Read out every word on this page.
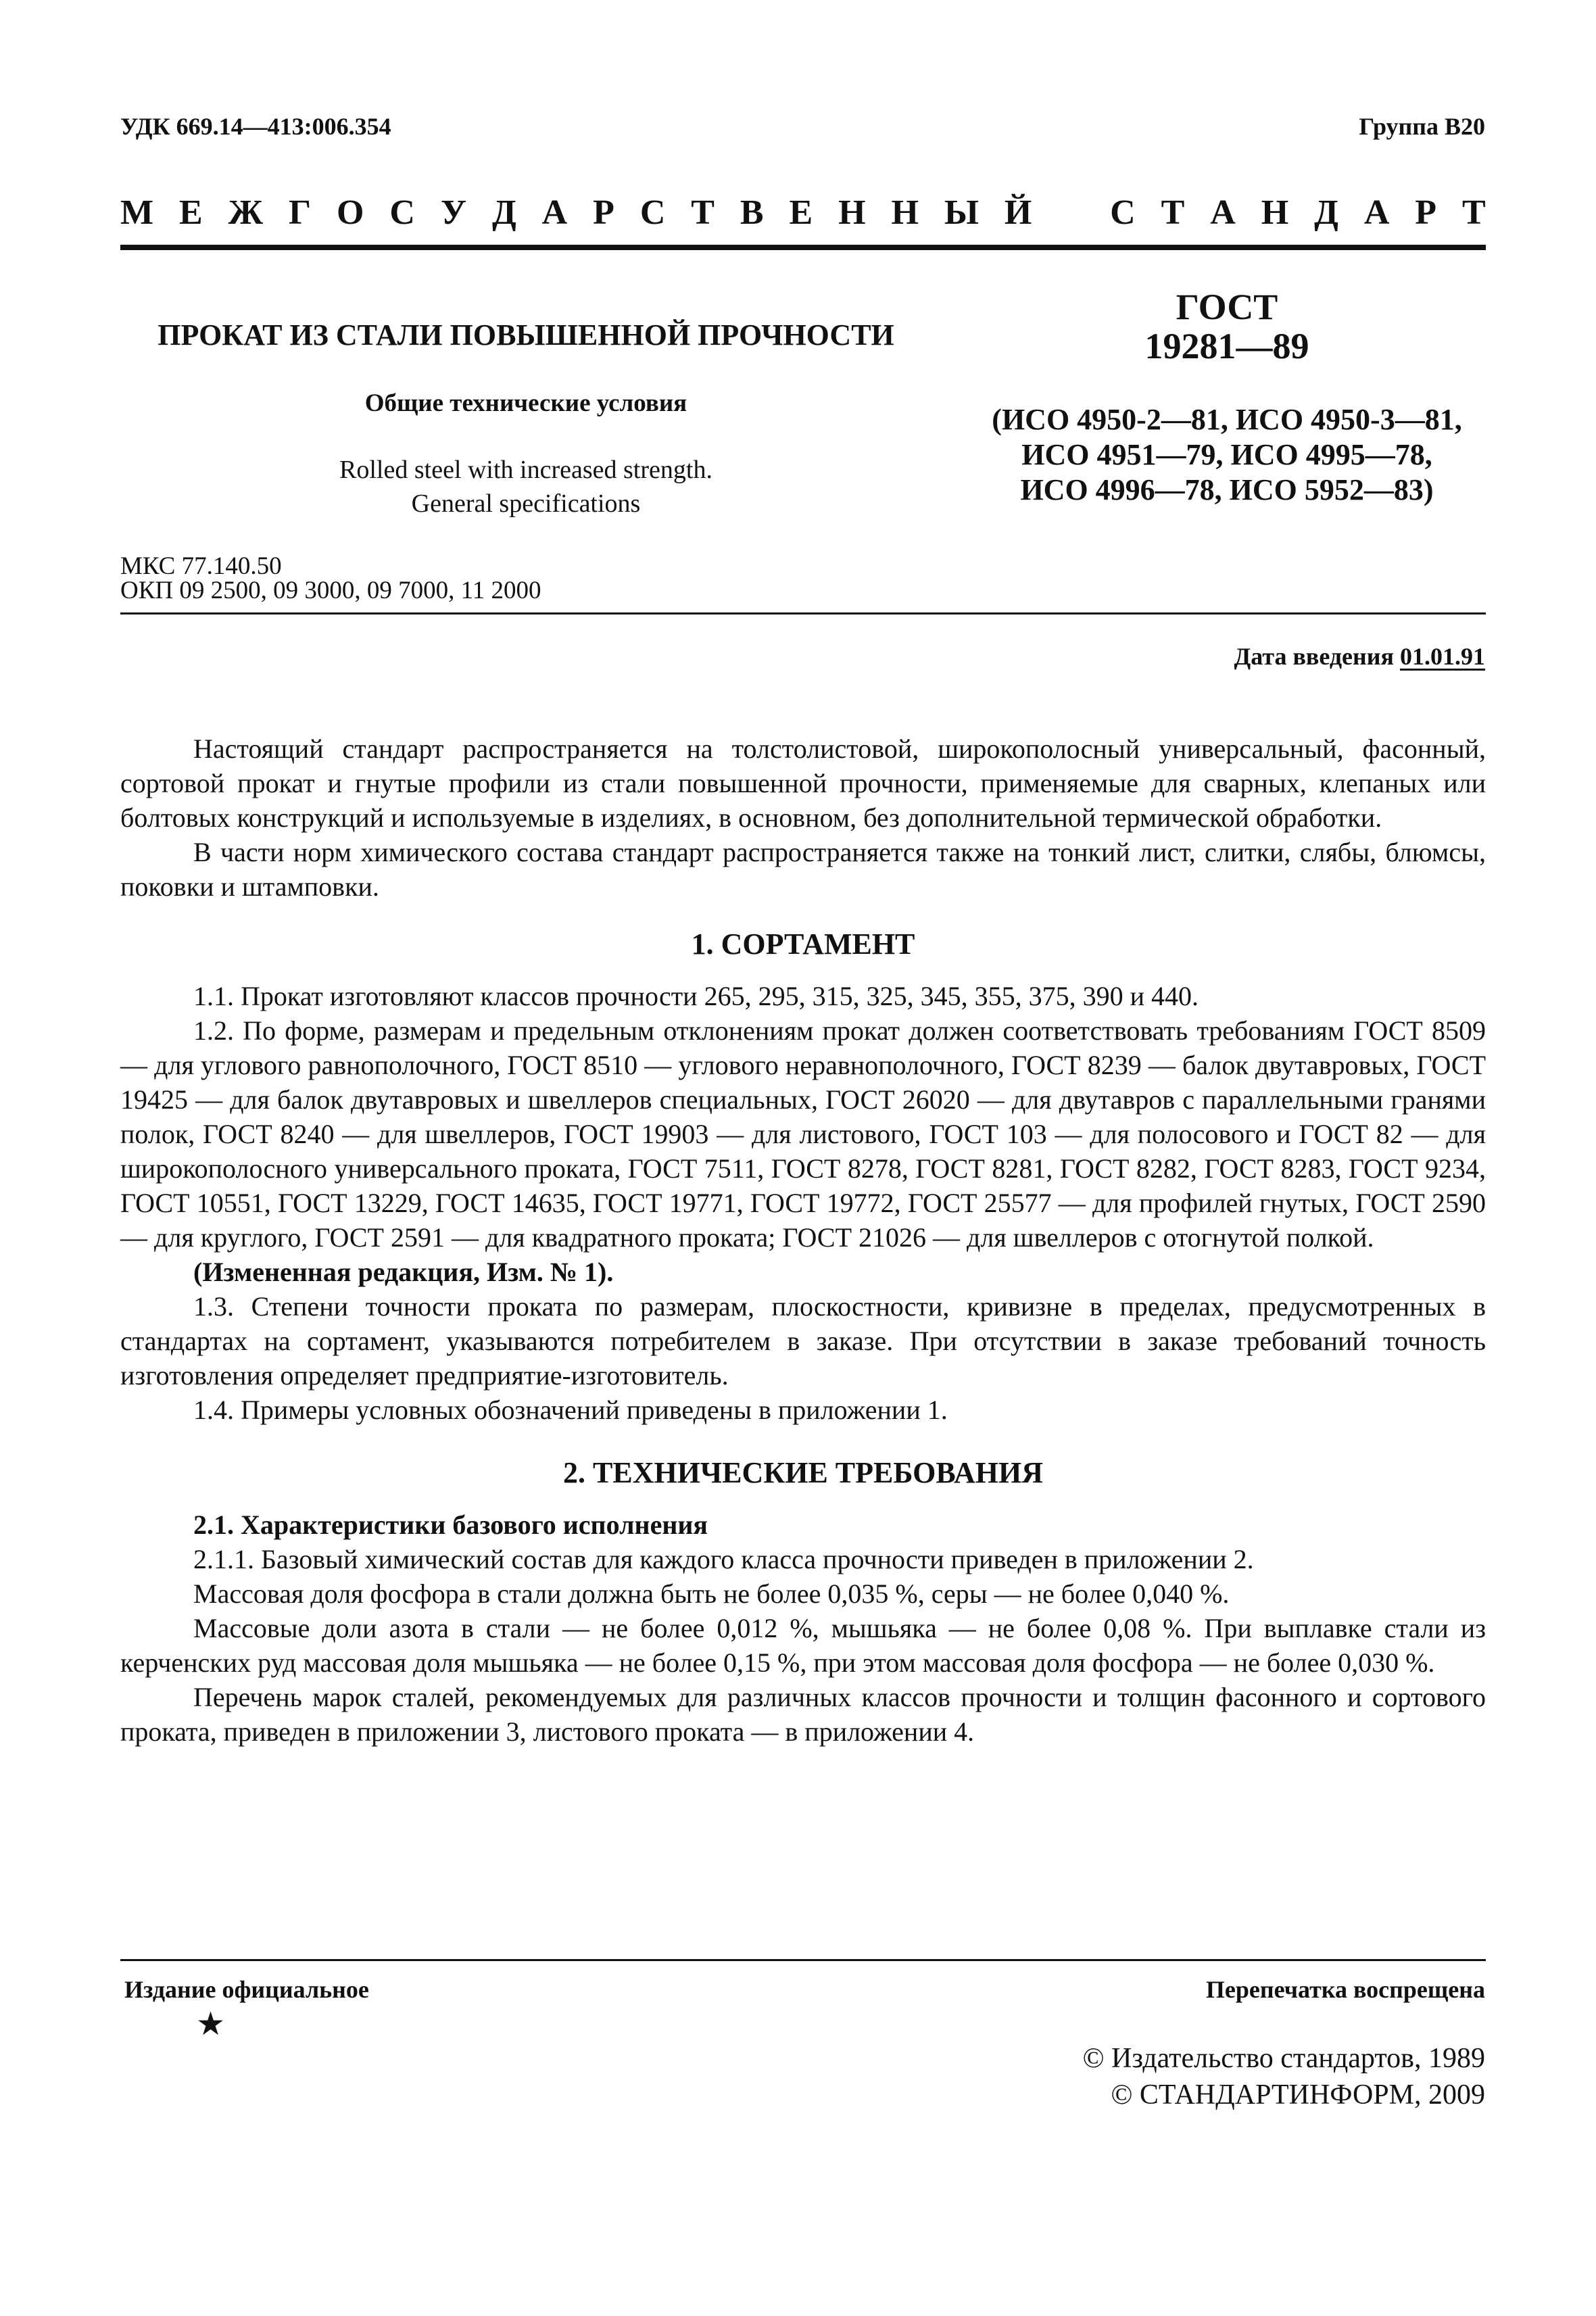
УДК 669.14—413:006.354	Группа В20
М Е Ж Г О С У Д А Р С Т В Е Н Н Ы Й
С Т А Н Д А Р Т
ПРОКАТ ИЗ СТАЛИ ПОВЫШЕННОЙ ПРОЧНОСТИ
Общие технические условия
Rolled steel with increased strength.
General specifications
ГОСТ
19281—89
(ИСО 4950-2—81, ИСО 4950-3—81,
ИСО 4951—79, ИСО 4995—78,
ИСО 4996—78, ИСО 5952—83)
МКС 77.140.50
ОКП 09 2500, 09 3000, 09 7000, 11 2000
Дата введения 01.01.91

Настоящий стандарт распространяется на толстолистовой, широкополосный универсальный, фасонный, сортовой прокат и гнутые профили из стали повышенной прочности, применяемые для сварных, клепаных или болтовых конструкций и используемые в изделиях, в основном, без дополнительной термической обработки.

В части норм химического состава стандарт распространяется также на тонкий лист, слитки, слябы, блюмсы, поковки и штамповки.

1. СОРТАМЕНТ

1.1. Прокат изготовляют классов прочности 265, 295, 315, 325, 345, 355, 375, 390 и 440.

1.2. По форме, размерам и предельным отклонениям прокат должен соответствовать требованиям ГОСТ 8509 — для углового равнополочного, ГОСТ 8510 — углового неравнополочного, ГОСТ 8239 — балок двутавровых, ГОСТ 19425 — для балок двутавровых и швеллеров специальных, ГОСТ 26020 — для двутавров с параллельными гранями полок, ГОСТ 8240 — для швеллеров, ГОСТ 19903 — для листового, ГОСТ 103 — для полосового и ГОСТ 82 — для широкополосного универсального проката, ГОСТ 7511, ГОСТ 8278, ГОСТ 8281, ГОСТ 8282, ГОСТ 8283, ГОСТ 9234, ГОСТ 10551, ГОСТ 13229, ГОСТ 14635, ГОСТ 19771, ГОСТ 19772, ГОСТ 25577 — для профилей гнутых, ГОСТ 2590 — для круглого, ГОСТ 2591 — для квадратного проката; ГОСТ 21026 — для швеллеров с отогнутой полкой.

(Измененная редакция, Изм. № 1).

1.3. Степени точности проката по размерам, плоскостности, кривизне в пределах, предусмотренных в стандартах на сортамент, указываются потребителем в заказе. При отсутствии в заказе требований точность изготовления определяет предприятие-изготовитель.

1.4. Примеры условных обозначений приведены в приложении 1.

2. ТЕХНИЧЕСКИЕ ТРЕБОВАНИЯ

2.1. Характеристики базового исполнения

2.1.1. Базовый химический состав для каждого класса прочности приведен в приложении 2.

Массовая доля фосфора в стали должна быть не более 0,035 %, серы — не более 0,040 %.

Массовые доли азота в стали — не более 0,012 %, мышьяка — не более 0,08 %. При выплавке стали из керченских руд массовая доля мышьяка — не более 0,15 %, при этом массовая доля фосфора — не более 0,030 %.

Перечень марок сталей, рекомендуемых для различных классов прочности и толщин фасонного и сортового проката, приведен в приложении 3, листового проката — в приложении 4.

Издание официальное	Перепечатка воспрещена
★
© Издательство стандартов, 1989
© СТАНДАРТИНФОРМ, 2009
